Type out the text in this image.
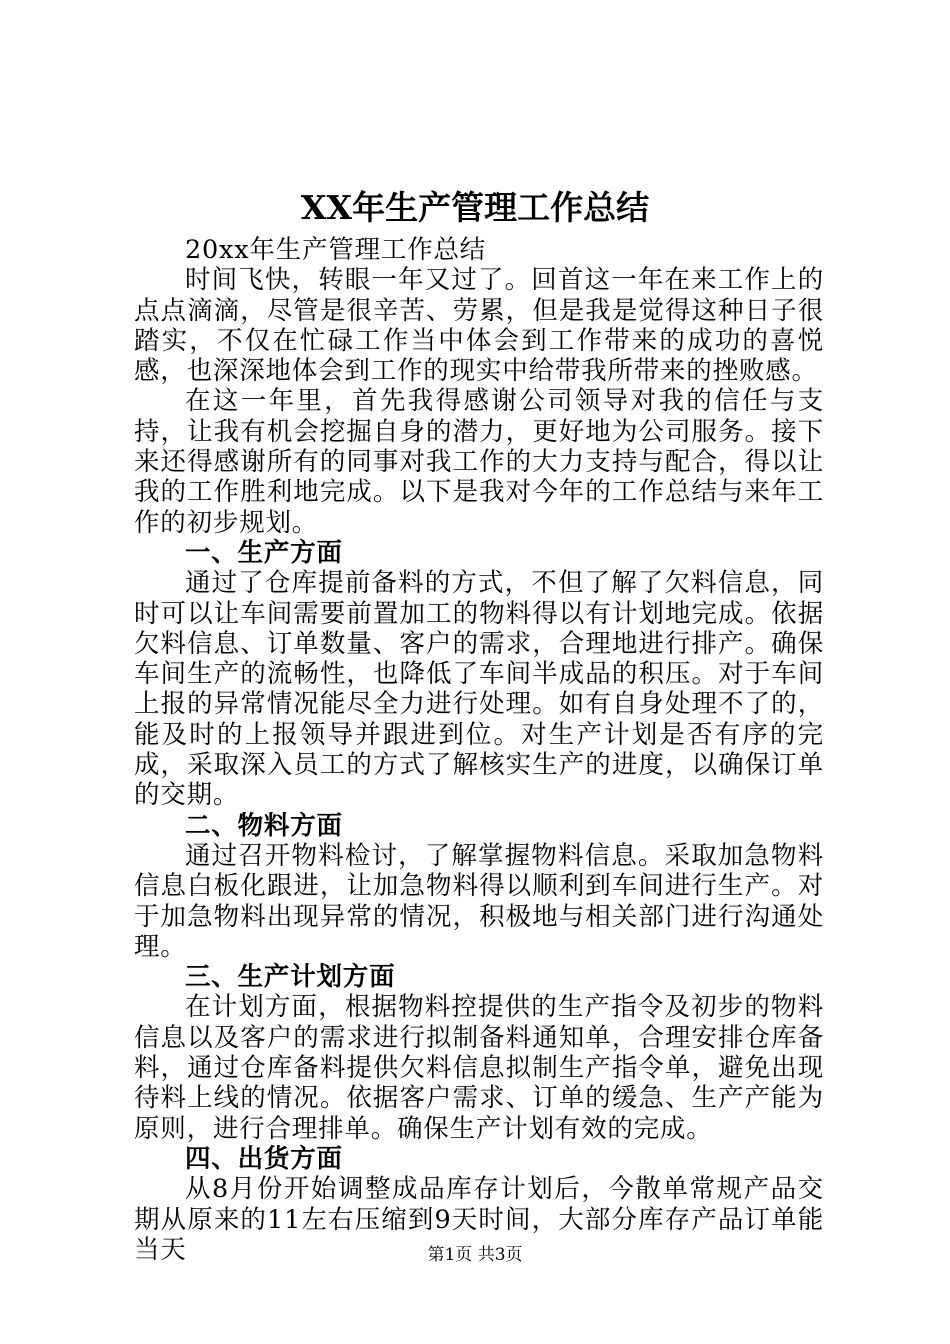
XX年生产管理工作总结

20xx年生产管理工作总结

时间飞快，转眼一年又过了。回首这一年在来工作上的点点滴滴，尽管是很辛苦、劳累，但是我是觉得这种日子很踏实，不仅在忙碌工作当中体会到工作带来的成功的喜悦感，也深深地体会到工作的现实中给带我所带来的挫败感。

在这一年里，首先我得感谢公司领导对我的信任与支持，让我有机会挖掘自身的潜力，更好地为公司服务。接下来还得感谢所有的同事对我工作的大力支持与配合，得以让我的工作胜利地完成。以下是我对今年的工作总结与来年工作的初步规划。

一、生产方面

通过了仓库提前备料的方式，不但了解了欠料信息，同时可以让车间需要前置加工的物料得以有计划地完成。依据欠料信息、订单数量、客户的需求，合理地进行排产。确保车间生产的流畅性，也降低了车间半成品的积压。对于车间上报的异常情况能尽全力进行处理。如有自身处理不了的，能及时的上报领导并跟进到位。对生产计划是否有序的完成，采取深入员工的方式了解核实生产的进度，以确保订单的交期。

二、物料方面

通过召开物料检讨，了解掌握物料信息。采取加急物料信息白板化跟进，让加急物料得以顺利到车间进行生产。对于加急物料出现异常的情况，积极地与相关部门进行沟通处理。

三、生产计划方面

在计划方面，根据物料控提供的生产指令及初步的物料信息以及客户的需求进行拟制备料通知单，合理安排仓库备料，通过仓库备料提供欠料信息拟制生产指令单，避免出现待料上线的情况。依据客户需求、订单的缓急、生产产能为原则，进行合理排单。确保生产计划有效的完成。

四、出货方面

从8月份开始调整成品库存计划后，今散单常规产品交期从原来的11左右压缩到9天时间，大部分库存产品订单能当天	第1页 共3页
